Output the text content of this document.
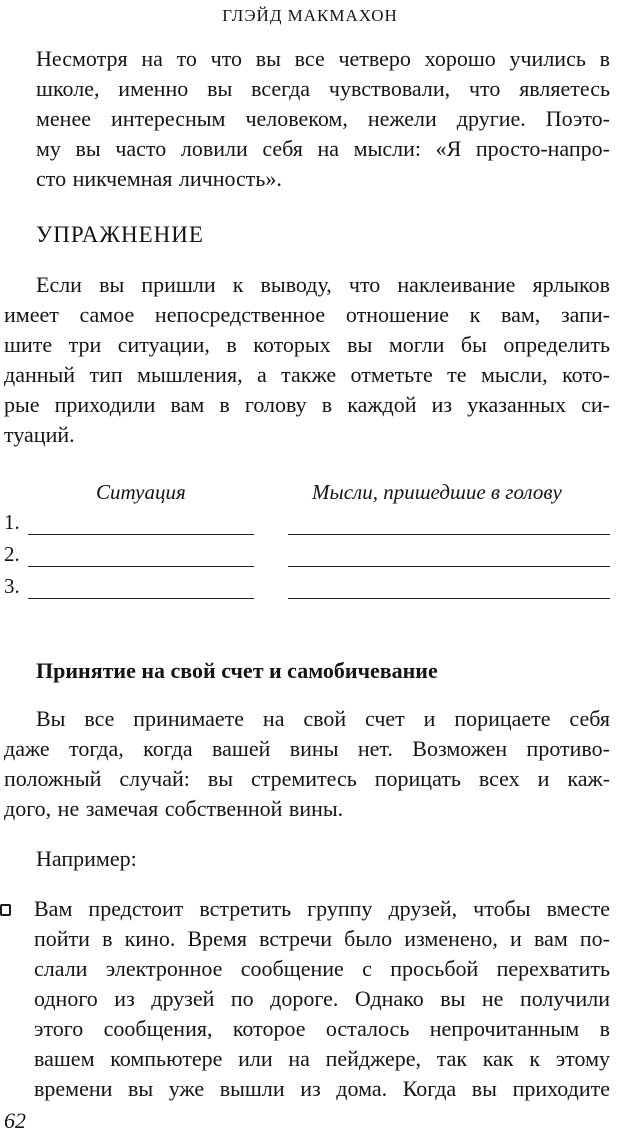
ГЛЭЙД МАКМАХОН

Несмотря на то что вы все четверо хорошо учились в
школе, именно вы всегда чувствовали, что являетесь
менее интересным человеком, нежели другие. Поэто-
му вы часто ловили себя на мысли: «Я просто-напро-
сто никчемная личность».

УПРАЖНЕНИЕ

Если вы пришли к выводу, что наклеивание ярлыков
имеет самое непосредственное отношение к вам, запи-
шите три ситуации, в которых вы могли бы определить
данный тип мышления, а также отметьте те мысли, кото-
рые приходили вам в голову в каждой из указанных си-
туаций.

Ситуация	Мысли, пришедшие в голову
1.
2.
3.
Принятие на свой счет и самобичевание

Вы все принимаете на свой счет и порицаете себя
даже тогда, когда вашей вины нет. Возможен противо-
положный случай: вы стремитесь порицать всех и каж-
дого, не замечая собственной вины.

Например:

Вам предстоит встретить группу друзей, чтобы вместе
пойти в кино. Время встречи было изменено, и вам по-
слали электронное сообщение с просьбой перехватить
одного из друзей по дороге. Однако вы не получили
этого сообщения, которое осталось непрочитанным в
вашем компьютере или на пейджере, так как к этому
времени вы уже вышли из дома. Когда вы приходите

62
